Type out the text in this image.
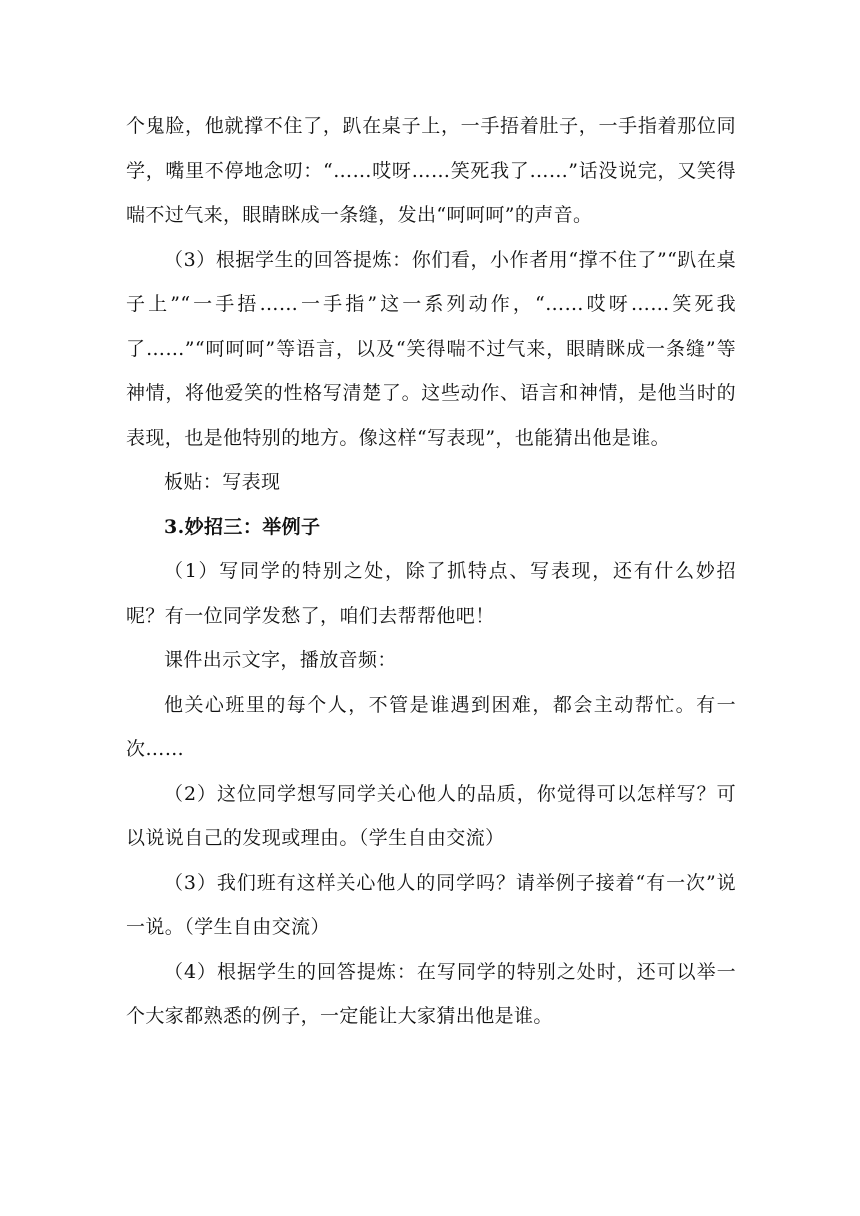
个鬼脸，他就撑不住了，趴在桌子上，一手捂着肚子，一手指着那位同学，嘴里不停地念叨：“……哎呀……笑死我了……”话没说完，又笑得喘不过气来，眼睛眯成一条缝，发出“呵呵呵”的声音。

（3）根据学生的回答提炼：你们看，小作者用“撑不住了”“趴在桌子上”“一手捂……一手指”这一系列动作，“……哎呀……笑死我了……”“呵呵呵”等语言，以及“笑得喘不过气来，眼睛眯成一条缝”等神情，将他爱笑的性格写清楚了。这些动作、语言和神情，是他当时的表现，也是他特别的地方。像这样“写表现”，也能猜出他是谁。

板贴：写表现

3.妙招三：举例子

（1）写同学的特别之处，除了抓特点、写表现，还有什么妙招呢？有一位同学发愁了，咱们去帮帮他吧！

课件出示文字，播放音频：

他关心班里的每个人，不管是谁遇到困难，都会主动帮忙。有一次……

（2）这位同学想写同学关心他人的品质，你觉得可以怎样写？可以说说自己的发现或理由。（学生自由交流）

（3）我们班有这样关心他人的同学吗？请举例子接着“有一次”说一说。（学生自由交流）

（4）根据学生的回答提炼：在写同学的特别之处时，还可以举一个大家都熟悉的例子，一定能让大家猜出他是谁。
